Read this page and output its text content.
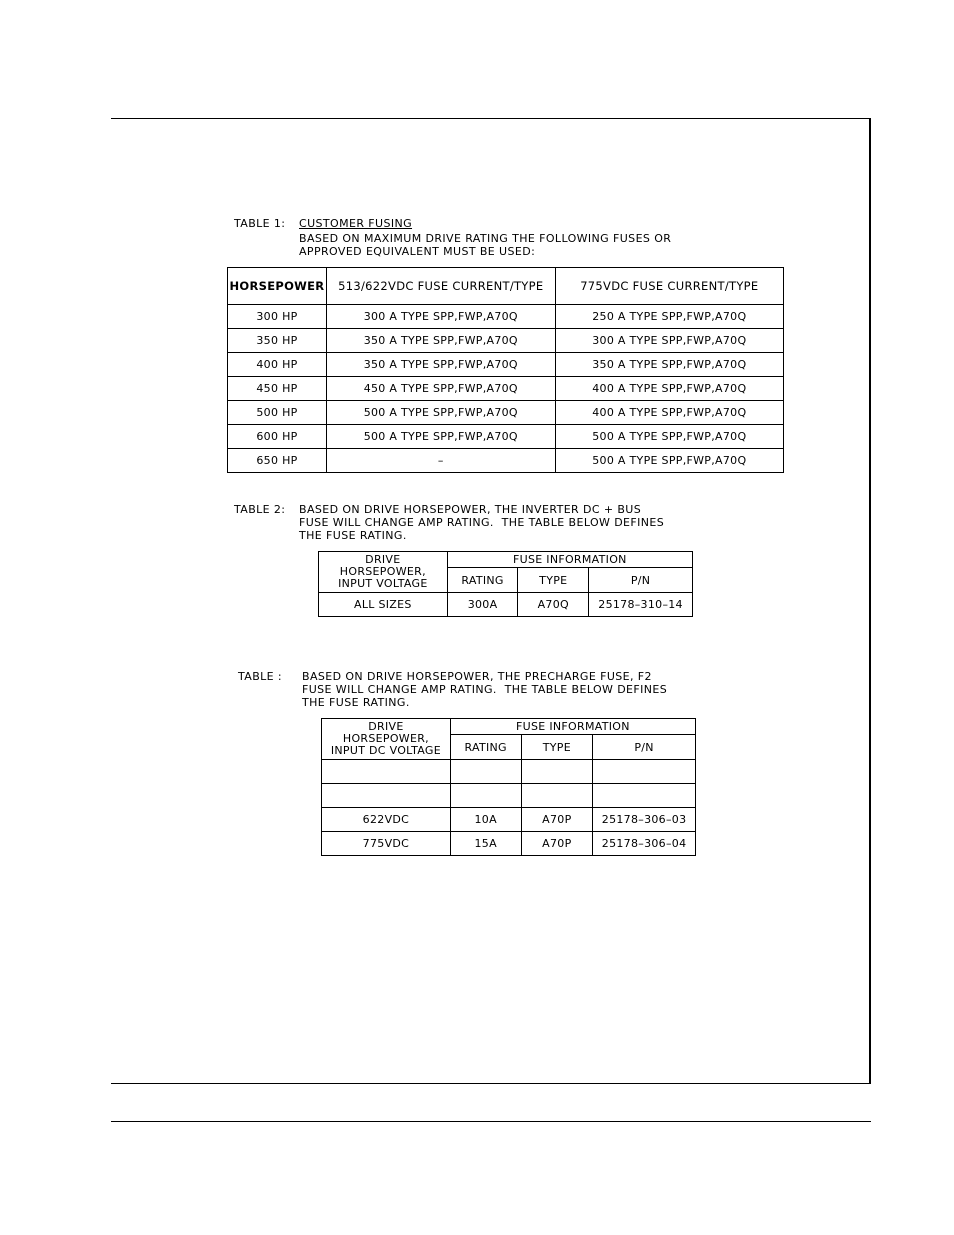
TABLE 1: CUSTOMER FUSING
BASED ON MAXIMUM DRIVE RATING THE FOLLOWING FUSES OR
APPROVED EQUIVALENT MUST BE USED:
HORSEPOWER	513/622VDC FUSE CURRENT/TYPE	775VDC FUSE CURRENT/TYPE
300 HP	300 A TYPE SPP,FWP,A70Q	250 A TYPE SPP,FWP,A70Q
350 HP	350 A TYPE SPP,FWP,A70Q	300 A TYPE SPP,FWP,A70Q
400 HP	350 A TYPE SPP,FWP,A70Q	350 A TYPE SPP,FWP,A70Q
450 HP	450 A TYPE SPP,FWP,A70Q	400 A TYPE SPP,FWP,A70Q
500 HP	500 A TYPE SPP,FWP,A70Q	400 A TYPE SPP,FWP,A70Q
600 HP	500 A TYPE SPP,FWP,A70Q	500 A TYPE SPP,FWP,A70Q
650 HP	–	500 A TYPE SPP,FWP,A70Q
TABLE 2: BASED ON DRIVE HORSEPOWER, THE INVERTER DC + BUS
FUSE WILL CHANGE AMP RATING.  THE TABLE BELOW DEFINES
THE FUSE RATING.
DRIVE
HORSEPOWER,
INPUT VOLTAGE	FUSE INFORMATION		
	RATING	TYPE	P/N
ALL SIZES	300A	A70Q	25178–310–14
TABLE : BASED ON DRIVE HORSEPOWER, THE PRECHARGE FUSE, F2
FUSE WILL CHANGE AMP RATING.  THE TABLE BELOW DEFINES
THE FUSE RATING.
DRIVE
HORSEPOWER,
INPUT DC VOLTAGE	FUSE INFORMATION		
	RATING	TYPE	P/N

622VDC	10A	A70P	25178–306–03
775VDC	15A	A70P	25178–306–04
